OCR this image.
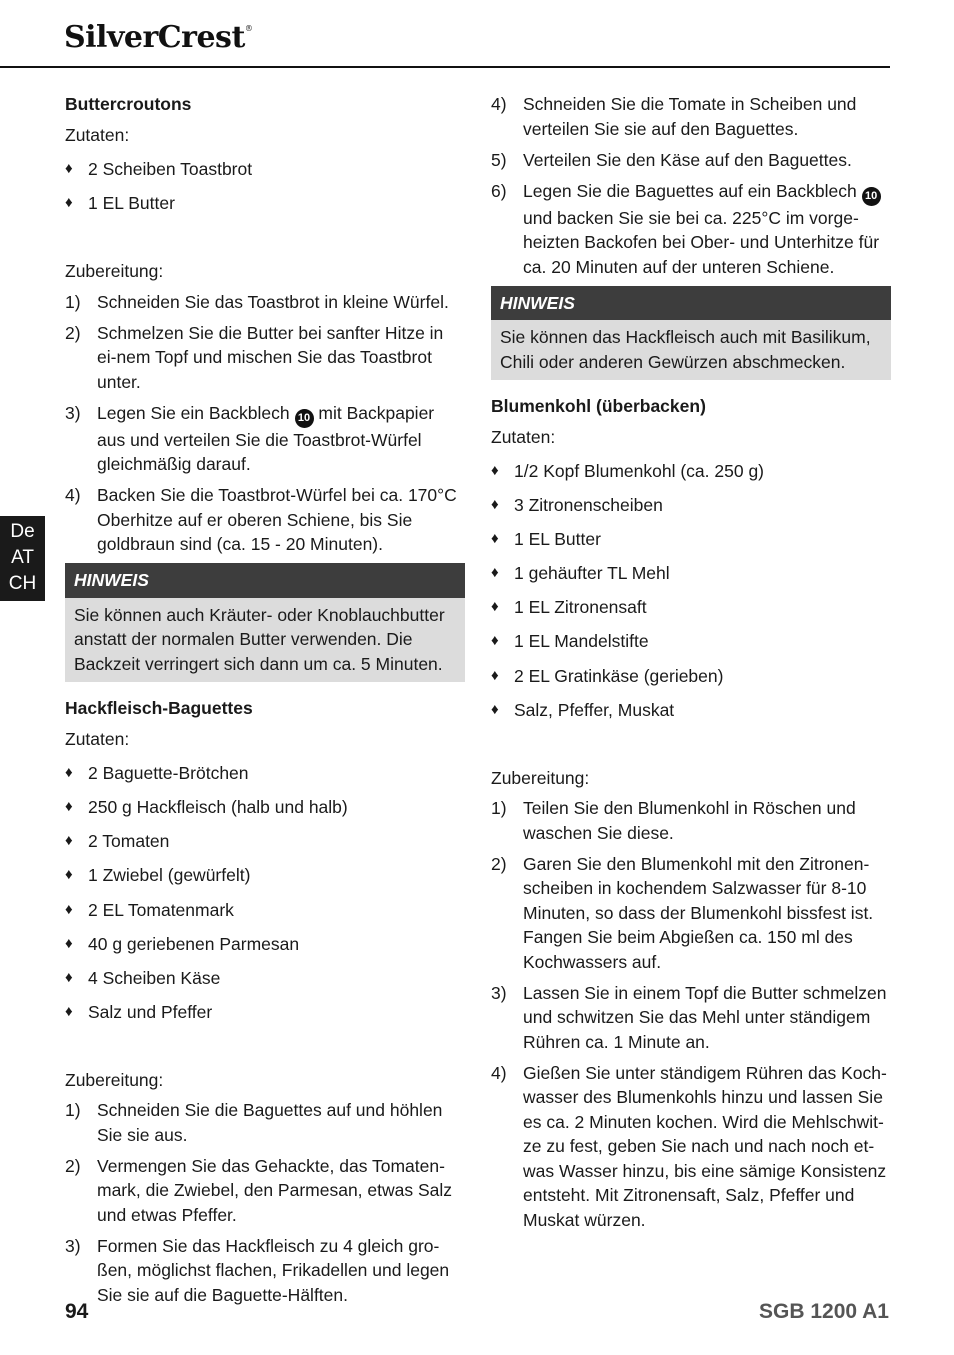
SilverCrest®
De
AT
CH
Buttercroutons

Zutaten:

♦ 2 Scheiben Toastbrot
♦ 1 EL Butter

Zubereitung:

1) Schneiden Sie das Toastbrot in kleine Würfel.
2) Schmelzen Sie die Butter bei sanfter Hitze in ei-nem Topf und mischen Sie das Toastbrot unter.
3) Legen Sie ein Backblech 10 mit Backpapier aus und verteilen Sie die Toastbrot-Würfel gleichmäßig darauf.
4) Backen Sie die Toastbrot-Würfel bei ca. 170°C Oberhitze auf er oberen Schiene, bis Sie goldbraun sind (ca. 15 - 20 Minuten).
HINWEIS
Sie können auch Kräuter- oder Knoblauchbutter anstatt der normalen Butter verwenden. Die Backzeit verringert sich dann um ca. 5 Minuten.
Hackfleisch-Baguettes

Zutaten:

♦ 2 Baguette-Brötchen
♦ 250 g Hackfleisch (halb und halb)
♦ 2 Tomaten
♦ 1 Zwiebel (gewürfelt)
♦ 2 EL Tomatenmark
♦ 40 g geriebenen Parmesan
♦ 4 Scheiben Käse
♦ Salz und Pfeffer

Zubereitung:

1) Schneiden Sie die Baguettes auf und höhlen Sie sie aus.
2) Vermengen Sie das Gehackte, das Tomaten-mark, die Zwiebel, den Parmesan, etwas Salz und etwas Pfeffer.
3) Formen Sie das Hackfleisch zu 4 gleich gro-ßen, möglichst flachen, Frikadellen und legen Sie sie auf die Baguette-Hälften.
4) Schneiden Sie die Tomate in Scheiben und verteilen Sie sie auf den Baguettes.
5) Verteilen Sie den Käse auf den Baguettes.
6) Legen Sie die Baguettes auf ein Backblech 10 und backen Sie sie bei ca. 225°C im vorge-heizten Backofen bei Ober- und Unterhitze für ca. 20 Minuten auf der unteren Schiene.
HINWEIS
Sie können das Hackfleisch auch mit Basilikum, Chili oder anderen Gewürzen abschmecken.
Blumenkohl (überbacken)

Zutaten:

♦ 1/2 Kopf Blumenkohl (ca. 250 g)
♦ 3 Zitronenscheiben
♦ 1 EL Butter
♦ 1 gehäufter TL Mehl
♦ 1 EL Zitronensaft
♦ 1 EL Mandelstifte
♦ 2 EL Gratinkäse (gerieben)
♦ Salz, Pfeffer, Muskat

Zubereitung:

1) Teilen Sie den Blumenkohl in Röschen und waschen Sie diese.
2) Garen Sie den Blumenkohl mit den Zitronen-scheiben in kochendem Salzwasser für 8-10 Minuten, so dass der Blumenkohl bissfest ist. Fangen Sie beim Abgießen ca. 150 ml des Kochwassers auf.
3) Lassen Sie in einem Topf die Butter schmelzen und schwitzen Sie das Mehl unter ständigem Rühren ca. 1 Minute an.
4) Gießen Sie unter ständigem Rühren das Koch-wasser des Blumenkohls hinzu und lassen Sie es ca. 2 Minuten kochen. Wird die Mehlschwit-ze zu fest, geben Sie nach und nach noch et-was Wasser hinzu, bis eine sämige Konsistenz entsteht. Mit Zitronensaft, Salz, Pfeffer und Muskat würzen.
94	SGB 1200 A1
